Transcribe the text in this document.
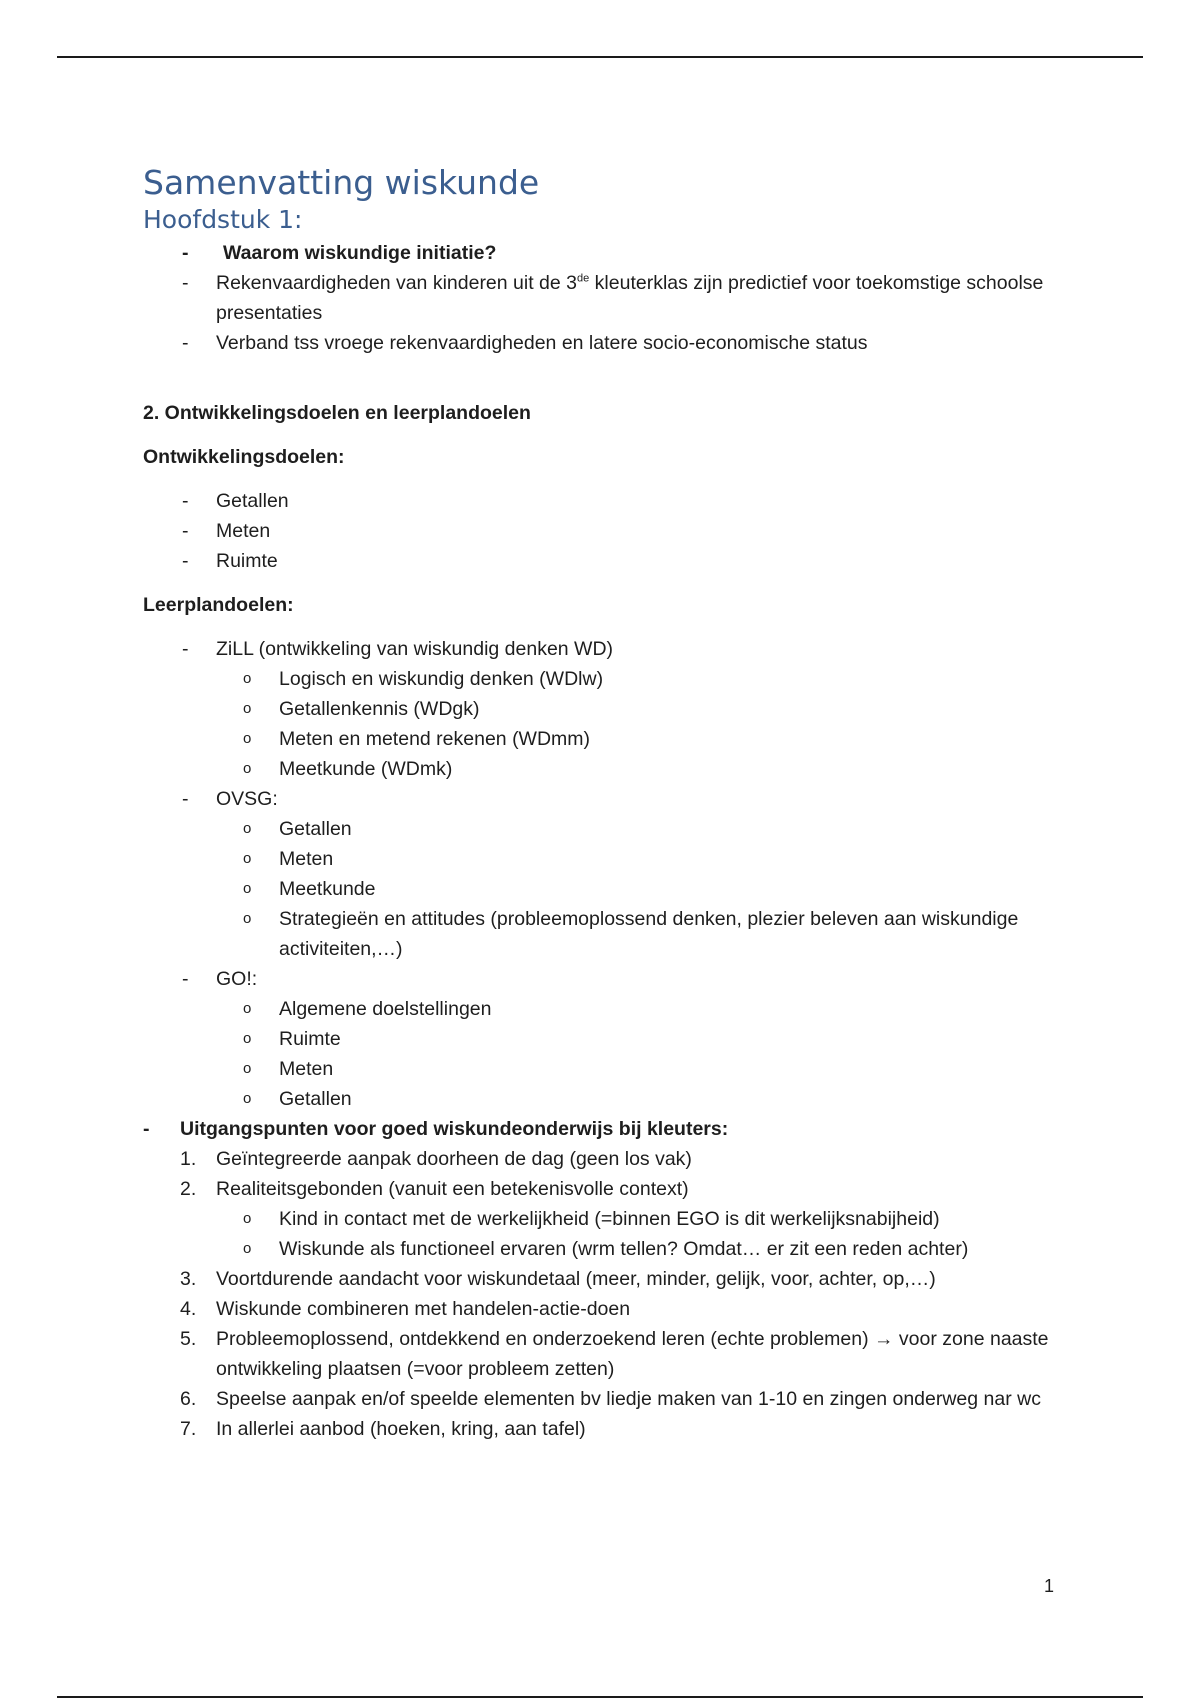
Samenvatting wiskunde
Hoofdstuk 1:

- Waarom wiskundige initiatie?

- Rekenvaardigheden van kinderen uit de 3de kleuterklas zijn predictief voor toekomstige schoolse presentaties

- Verband tss vroege rekenvaardigheden en latere socio-economische status

2. Ontwikkelingsdoelen en leerplandoelen

Ontwikkelingsdoelen:

- Getallen

- Meten

- Ruimte

Leerplandoelen:

- ZiLL (ontwikkeling van wiskundig denken WD)

o Logisch en wiskundig denken (WDlw)

o Getallenkennis (WDgk)

o Meten en metend rekenen (WDmm)

o Meetkunde (WDmk)

- OVSG:

o Getallen

o Meten

o Meetkunde

o Strategieën en attitudes (probleemoplossend denken, plezier beleven aan wiskundige activiteiten,…)

- GO!:

o Algemene doelstellingen

o Ruimte

o Meten

o Getallen

- Uitgangspunten voor goed wiskundeonderwijs bij kleuters:

1. Geïntegreerde aanpak doorheen de dag (geen los vak)

2. Realiteitsgebonden (vanuit een betekenisvolle context)

o Kind in contact met de werkelijkheid (=binnen EGO is dit werkelijksnabijheid)

o Wiskunde als functioneel ervaren (wrm tellen? Omdat… er zit een reden achter)

3. Voortdurende aandacht voor wiskundetaal (meer, minder, gelijk, voor, achter, op,…)

4. Wiskunde combineren met handelen-actie-doen

5. Probleemoplossend, ontdekkend en onderzoekend leren (echte problemen) → voor zone naaste ontwikkeling plaatsen (=voor probleem zetten)

6. Speelse aanpak en/of speelde elementen bv liedje maken van 1-10 en zingen onderweg nar wc

7. In allerlei aanbod (hoeken, kring, aan tafel)

1
